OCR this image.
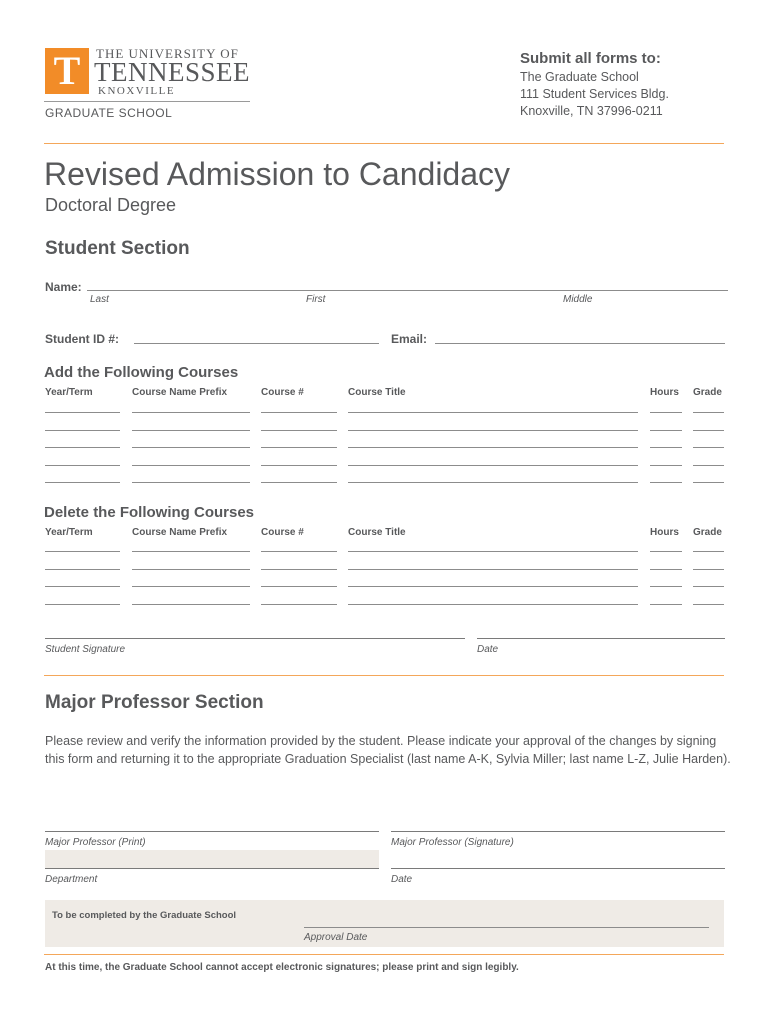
T	THE UNIVERSITY OF
TENNESSEE
KNOXVILLE
GRADUATE SCHOOL
Submit all forms to:
The Graduate School
111 Student Services Bldg.
Knoxville, TN 37996-0211
Revised Admission to Candidacy
Doctoral Degree
Student Section
Name:
Last	First	Middle
Student ID #:	Email:
Add the Following Courses
Year/Term	Course Name Prefix	Course #	Course Title	Hours Grade
Delete the Following Courses
Year/Term	Course Name Prefix	Course #	Course Title	Hours Grade
Student Signature	Date
Major Professor Section
Please review and verify the information provided by the student. Please indicate your approval of the changes by signing this form and returning it to the appropriate Graduation Specialist (last name A-K, Sylvia Miller; last name L-Z, Julie Harden).
Major Professor (Print)	Major Professor (Signature)
Department	Date
To be completed by the Graduate School
Approval Date
At this time, the Graduate School cannot accept electronic signatures; please print and sign legibly.
